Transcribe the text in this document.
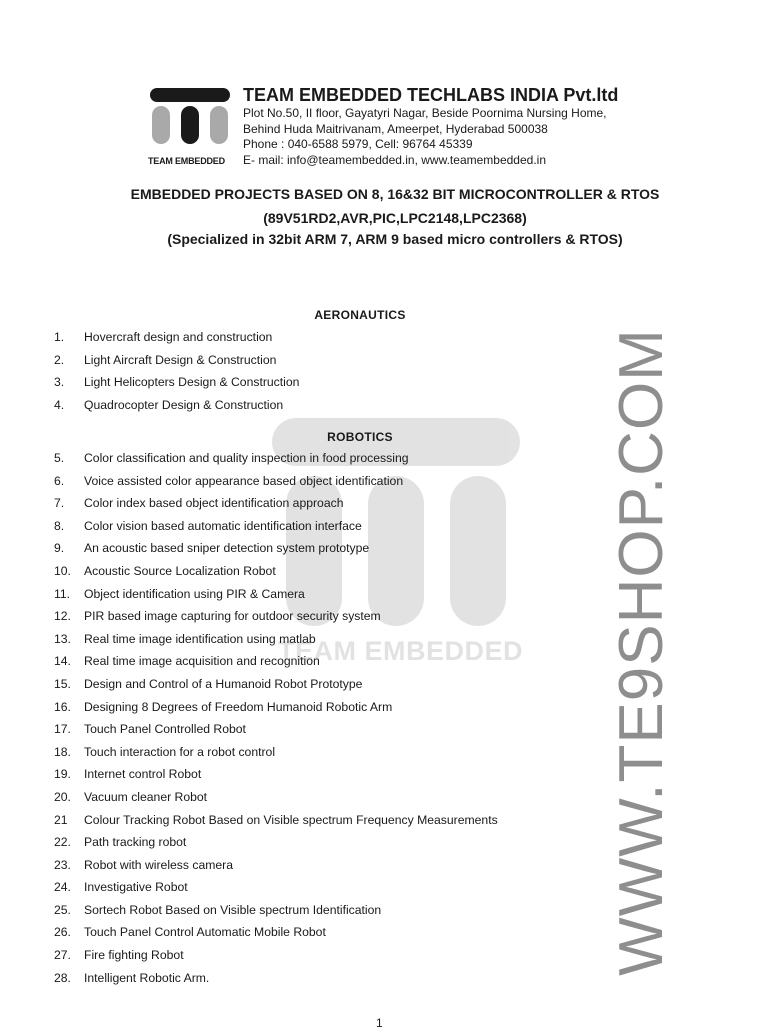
TEAM EMBEDDED
TEAM EMBEDDED TECHLABS INDIA Pvt.ltd
Plot No.50, II floor, Gayatyri Nagar, Beside Poornima Nursing Home,
Behind Huda Maitrivanam, Ameerpet, Hyderabad 500038
Phone : 040-6588 5979, Cell: 96764 45339
E- mail: info@teamembedded.in, www.teamembedded.in
EMBEDDED PROJECTS BASED ON 8, 16&32 BIT MICROCONTROLLER & RTOS
(89V51RD2,AVR,PIC,LPC2148,LPC2368)
(Specialized in 32bit ARM 7, ARM 9 based micro controllers & RTOS)
TEAM EMBEDDED WWW.TE9SHOP.COM
AERONAUTICS
1. Hovercraft design and construction
2. Light Aircraft Design & Construction
3. Light Helicopters Design & Construction
4. Quadrocopter Design & Construction
ROBOTICS
5. Color classification and quality inspection in food processing
6. Voice assisted color appearance based object identification
7. Color index based object identification approach
8. Color vision based automatic identification interface
9. An acoustic based sniper detection system prototype
10. Acoustic Source Localization Robot
11. Object identification using PIR & Camera
12. PIR based image capturing for outdoor security system
13. Real time image identification using matlab
14. Real time image acquisition and recognition
15. Design and Control of a Humanoid Robot Prototype
16. Designing 8 Degrees of Freedom Humanoid Robotic Arm
17. Touch Panel Controlled Robot
18. Touch interaction for a robot control
19. Internet control Robot
20. Vacuum cleaner Robot
21 Colour Tracking Robot Based on Visible spectrum Frequency Measurements
22. Path tracking robot
23. Robot with wireless camera
24. Investigative Robot
25. Sortech Robot Based on Visible spectrum Identification
26. Touch Panel Control Automatic Mobile Robot
27. Fire fighting Robot
28. Intelligent Robotic Arm.
1
